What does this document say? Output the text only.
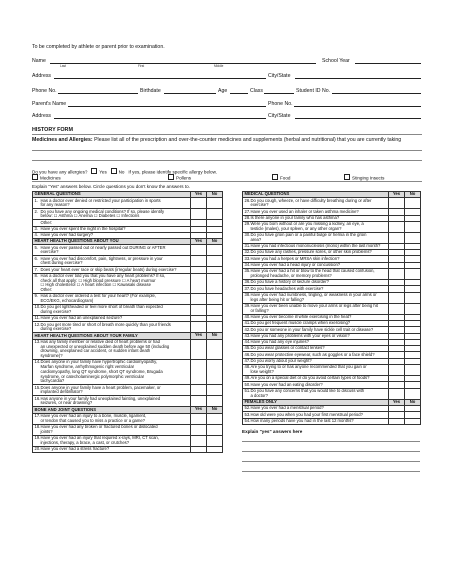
To be completed by athlete or parent prior to examination.
Name
Last	First	Middle
School Year
Address	City/State
Phone No.	Birthdate	Age	Class	Student ID No.
Parent's Name	Phone No.
Address	City/State
HISTORY FORM
Medicines and Allergies: Please list all of the prescription and over-the-counter medicines and supplements (herbal and nutritional) that you are currently taking
Do you have any allergies?	Yes	No If yes, please identify specific allergy below.
Medicines	Pollens	Food	Stinging Insects
Explain "Yes" answers below. Circle questions you don't know the answers to.
GENERAL QUESTIONS	Yes	No

1. Has a doctor ever denied or restricted your participation in sports
for any reason?		

2. Do you have any ongoing medical conditions? If so, please identify
below: ☐ Asthma ☐ Anemia ☐ Diabetes ☐ Infections		

Other:		

3. Have you ever spent the night in the hospital?		

4. Have you ever had surgery?		

HEART HEALTH QUESTIONS ABOUT YOU	Yes	No

5. Have you ever passed out or nearly passed out DURING or AFTER
exercise?		

6. Have you ever had discomfort, pain, tightness, or pressure in your
chest during exercise?		

7. Does your heart ever race or skip beats (irregular beats) during exercise?		

8. Has a doctor ever told you that you have any heart problems? If so,
check all that apply: ☐ High blood pressure ☐ A heart murmur
☐ High cholesterol ☐ A heart infection ☐ Kawasaki disease
Other:		

9. Has a doctor ever ordered a test for your heart? (For example,
ECG/EKG, echocardiogram)		

10.Do you get lightheaded or feel more short of breath than expected
during exercise?		

11.Have you ever had an unexplained seizure?		

12.Do you get more tired or short of breath more quickly than your friends
during exercise?		

HEART HEALTH QUESTIONS ABOUT YOUR FAMILY	Yes	No

13.Has any family member or relative died of heart problems or had
an unexpected or unexplained sudden death before age 50 (including
drowning, unexplained car accident, or sudden infant death
syndrome)?		

14.Does anyone in your family have hypertrophic cardiomyopathy,
Marfan syndrome, arrhythmogenic right ventricular
cardiomyopathy, long QT syndrome, short QT syndrome, Brugada
syndrome, or catecholaminergic polymorphic ventricular
tachycardia?		

15.Does anyone in your family have a heart problem, pacemaker, or
implanted defibrillator?		

16.Has anyone in your family had unexplained fainting, unexplained
seizures, or near drowning?		

BONE AND JOINT QUESTIONS	Yes	No

17.Have you ever had an injury to a bone, muscle, ligament,
or tendon that caused you to miss a practice or a game?		

18.Have you ever had any broken or fractured bones or dislocated
joints?		

19.Have you ever had an injury that required x-rays, MRI, CT scan,
injections, therapy, a brace, a cast, or crutches?		

20.Have you ever had a stress fracture?		

MEDICAL QUESTIONS	Yes	No

26.Do you cough, wheeze, or have difficulty breathing during or after
exercise?		

27.Have you ever used an inhaler or taken asthma medicine?		

28.Is there anyone in your family who has asthma?		

29.Were you born without or are you missing a kidney, an eye, a
testicle (males), your spleen, or any other organ?		

30.Do you have groin pain or a painful bulge or hernia in the groin
area?		

31.Have you had infectious mononucleosis (mono) within the last month?		

32.Do you have any rashes, pressure sores, or other skin problems?		

33.Have you had a herpes or MRSA skin infection?		

34.Have you ever had a head injury or concussion?		

35.Have you ever had a hit or blow to the head that caused confusion,
prolonged headache, or memory problems?		

36.Do you have a history of seizure disorder?		

37.Do you have headaches with exercise?		

38.Have you ever had numbness, tingling, or weakness in your arms or
legs after being hit or falling?		

39.Have you ever been unable to move your arms or legs after being hit
or falling?		

40.Have you ever become ill while exercising in the heat?		

41.Do you get frequent muscle cramps when exercising?		

42.Do you or someone in your family have sickle cell trait or disease?		

43.Have you had any problems with your eyes or vision?		

44.Have you had any eye injuries?		

45.Do you wear glasses or contact lenses?		

46.Do you wear protective eyewear, such as goggles or a face shield?		

47.Do you worry about your weight?		

48.Are you trying to or has anyone recommended that you gain or
lose weight?		

49.Are you on a special diet or do you avoid certain types of foods?		

50.Have you ever had an eating disorder?		

51.Do you have any concerns that you would like to discuss with
a doctor?		

FEMALES ONLY	Yes	No

52.Have you ever had a menstrual period?		

53.How old were you when you had your first menstrual period?		

54.How many periods have you had in the last 12 months?		

Explain "yes" answers here
